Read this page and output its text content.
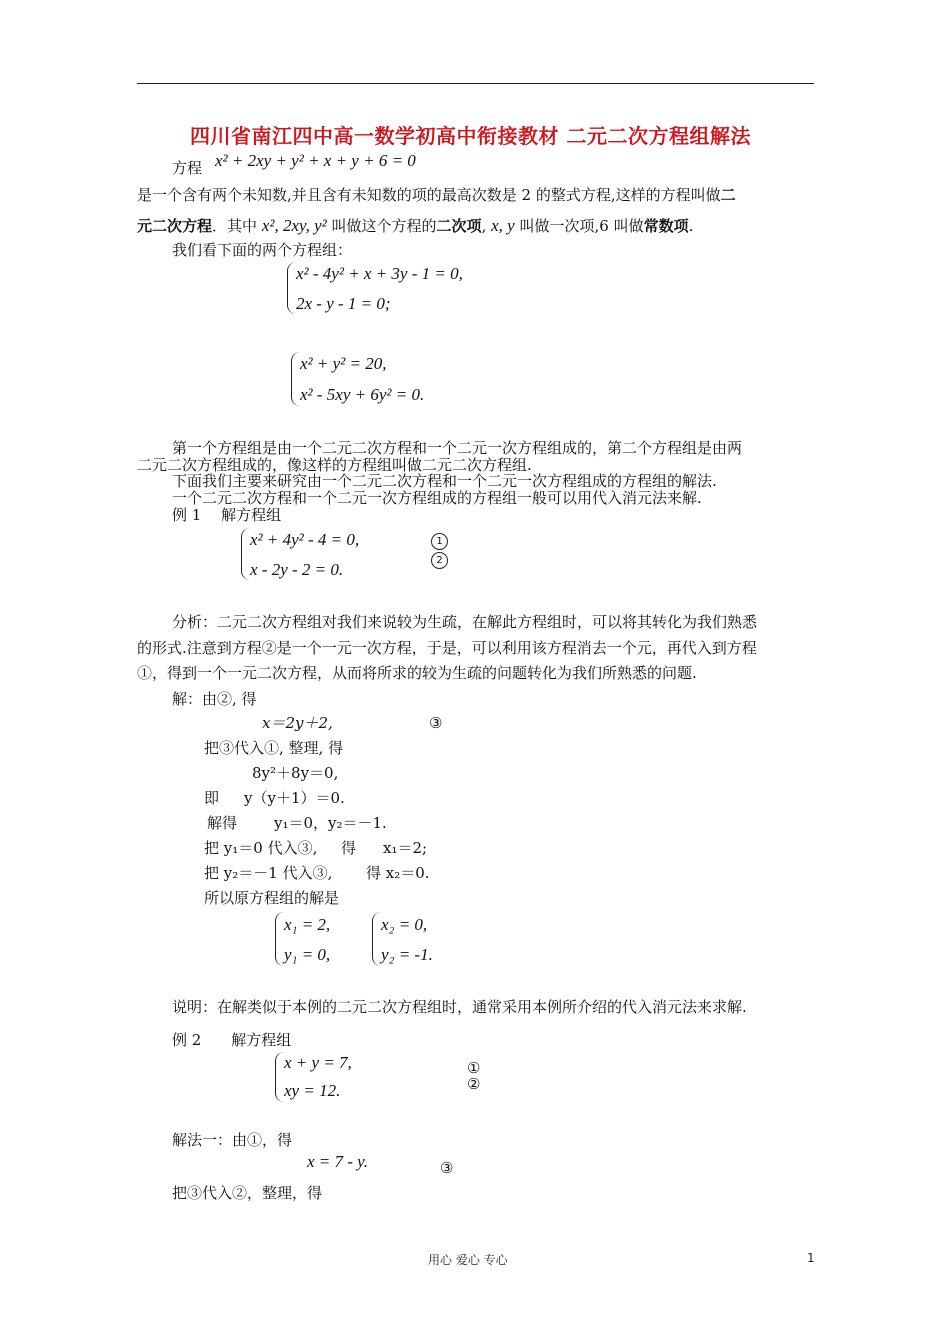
四川省南江四中高一数学初高中衔接教材 二元二次方程组解法
方程 x² + 2xy + y² + x + y + 6 = 0
是一个含有两个未知数,并且含有未知数的项的最高次数是 2 的整式方程,这样的方程叫做二
元二次方程．其中 x², 2xy, y² 叫做这个方程的二次项, x, y 叫做一次项,6 叫做常数项.
我们看下面的两个方程组：
x² - 4y² + x + 3y - 1 = 0,
2x - y - 1 = 0;
x² + y² = 20,
x² - 5xy + 6y² = 0.
第一个方程组是由一个二元二次方程和一个二元一次方程组成的，第二个方程组是由两
二元二次方程组成的，像这样的方程组叫做二元二次方程组.
下面我们主要来研究由一个二元二次方程和一个二元一次方程组成的方程组的解法.
一个二元二次方程和一个二元一次方程组成的方程组一般可以用代入消元法来解.
例 1　 解方程组
x² + 4y² - 4 = 0,
x - 2y - 2 = 0.
1
2
分析：二元二次方程组对我们来说较为生疏，在解此方程组时，可以将其转化为我们熟悉
的形式.注意到方程②是一个一元一次方程，于是，可以利用该方程消去一个元，再代入到方程
①，得到一个一元二次方程，从而将所求的较为生疏的问题转化为我们所熟悉的问题.
解：由②, 得
x＝2y＋2,	③
把③代入①, 整理, 得
8y²＋8y＝0,
即 y（y＋1）＝0.
解得 y₁＝0，y₂＝－1.
把 y₁＝0 代入③, 得 x₁＝2;
把 y₂＝－1 代入③, 得 x₂＝0.
所以原方程组的解是
x₁ = 2,
y₁ = 0,
x₂ = 0,
y₂ = -1.
说明：在解类似于本例的二元二次方程组时，通常采用本例所介绍的代入消元法来求解.
例 2　　解方程组
x + y = 7,
xy = 12.
①
②
解法一：由①，得
x = 7 - y.	③
把③代入②，整理，得
用心 爱心 专心	1
